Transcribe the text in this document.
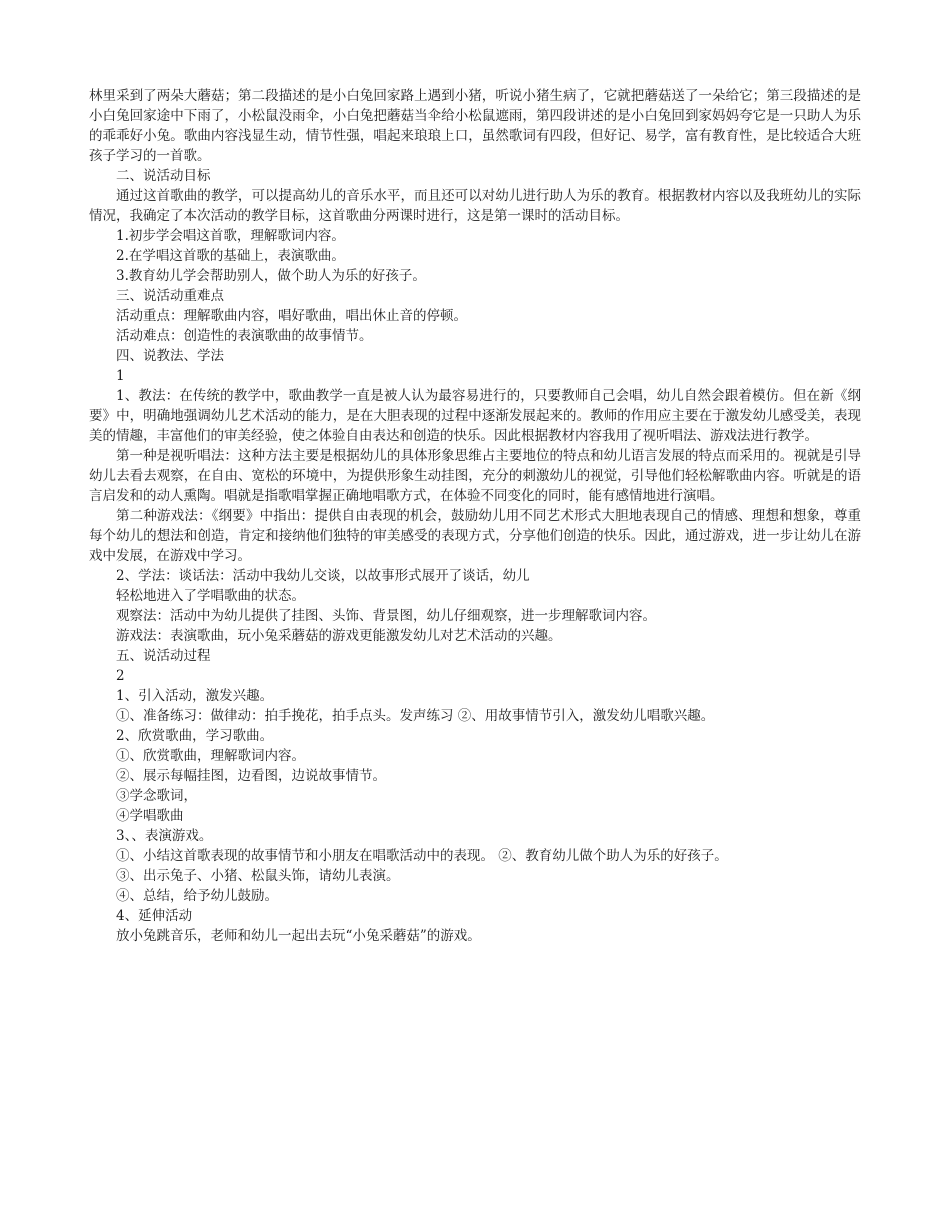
林里采到了两朵大蘑菇；第二段描述的是小白兔回家路上遇到小猪，听说小猪生病了，它就把蘑菇送了一朵给它；第三段描述的是小白兔回家途中下雨了，小松鼠没雨伞，小白兔把蘑菇当伞给小松鼠遮雨，第四段讲述的是小白兔回到家妈妈夸它是一只助人为乐的乖乖好小兔。歌曲内容浅显生动，情节性强，唱起来琅琅上口，虽然歌词有四段，但好记、易学，富有教育性，是比较适合大班孩子学习的一首歌。

二、说活动目标

通过这首歌曲的教学，可以提高幼儿的音乐水平，而且还可以对幼儿进行助人为乐的教育。根据教材内容以及我班幼儿的实际情况，我确定了本次活动的教学目标，这首歌曲分两课时进行，这是第一课时的活动目标。

1.初步学会唱这首歌，理解歌词内容。

2.在学唱这首歌的基础上，表演歌曲。

3.教育幼儿学会帮助别人，做个助人为乐的好孩子。

三、说活动重难点

活动重点：理解歌曲内容，唱好歌曲，唱出休止音的停顿。

活动难点：创造性的表演歌曲的故事情节。

四、说教法、学法

1

1、教法：在传统的教学中，歌曲教学一直是被人认为最容易进行的，只要教师自己会唱，幼儿自然会跟着模仿。但在新《纲要》中，明确地强调幼儿艺术活动的能力，是在大胆表现的过程中逐渐发展起来的。教师的作用应主要在于激发幼儿感受美，表现美的情趣，丰富他们的审美经验，使之体验自由表达和创造的快乐。因此根据教材内容我用了视听唱法、游戏法进行教学。

第一种是视听唱法：这种方法主要是根据幼儿的具体形象思维占主要地位的特点和幼儿语言发展的特点而采用的。视就是引导幼儿去看去观察，在自由、宽松的环境中，为提供形象生动挂图，充分的刺激幼儿的视觉，引导他们轻松解歌曲内容。听就是的语言启发和的动人熏陶。唱就是指歌唱掌握正确地唱歌方式，在体验不同变化的同时，能有感情地进行演唱。

第二种游戏法：《纲要》中指出：提供自由表现的机会，鼓励幼儿用不同艺术形式大胆地表现自己的情感、理想和想象，尊重每个幼儿的想法和创造，肯定和接纳他们独特的审美感受的表现方式，分享他们创造的快乐。因此，通过游戏，进一步让幼儿在游戏中发展，在游戏中学习。

2、学法：谈话法：活动中我幼儿交谈，以故事形式展开了谈话，幼儿

轻松地进入了学唱歌曲的状态。

观察法：活动中为幼儿提供了挂图、头饰、背景图，幼儿仔细观察，进一步理解歌词内容。

游戏法：表演歌曲，玩小兔采蘑菇的游戏更能激发幼儿对艺术活动的兴趣。

五、说活动过程

2

1、引入活动，激发兴趣。

①、准备练习：做律动：拍手挽花，拍手点头。发声练习 ②、用故事情节引入，激发幼儿唱歌兴趣。

2、欣赏歌曲，学习歌曲。

①、欣赏歌曲，理解歌词内容。

②、展示每幅挂图，边看图，边说故事情节。

③学念歌词，

④学唱歌曲

3、、表演游戏。

①、小结这首歌表现的故事情节和小朋友在唱歌活动中的表现。 ②、教育幼儿做个助人为乐的好孩子。

③、出示兔子、小猪、松鼠头饰，请幼儿表演。

④、总结，给予幼儿鼓励。

4、延伸活动

放小兔跳音乐，老师和幼儿一起出去玩“小兔采蘑菇”的游戏。
